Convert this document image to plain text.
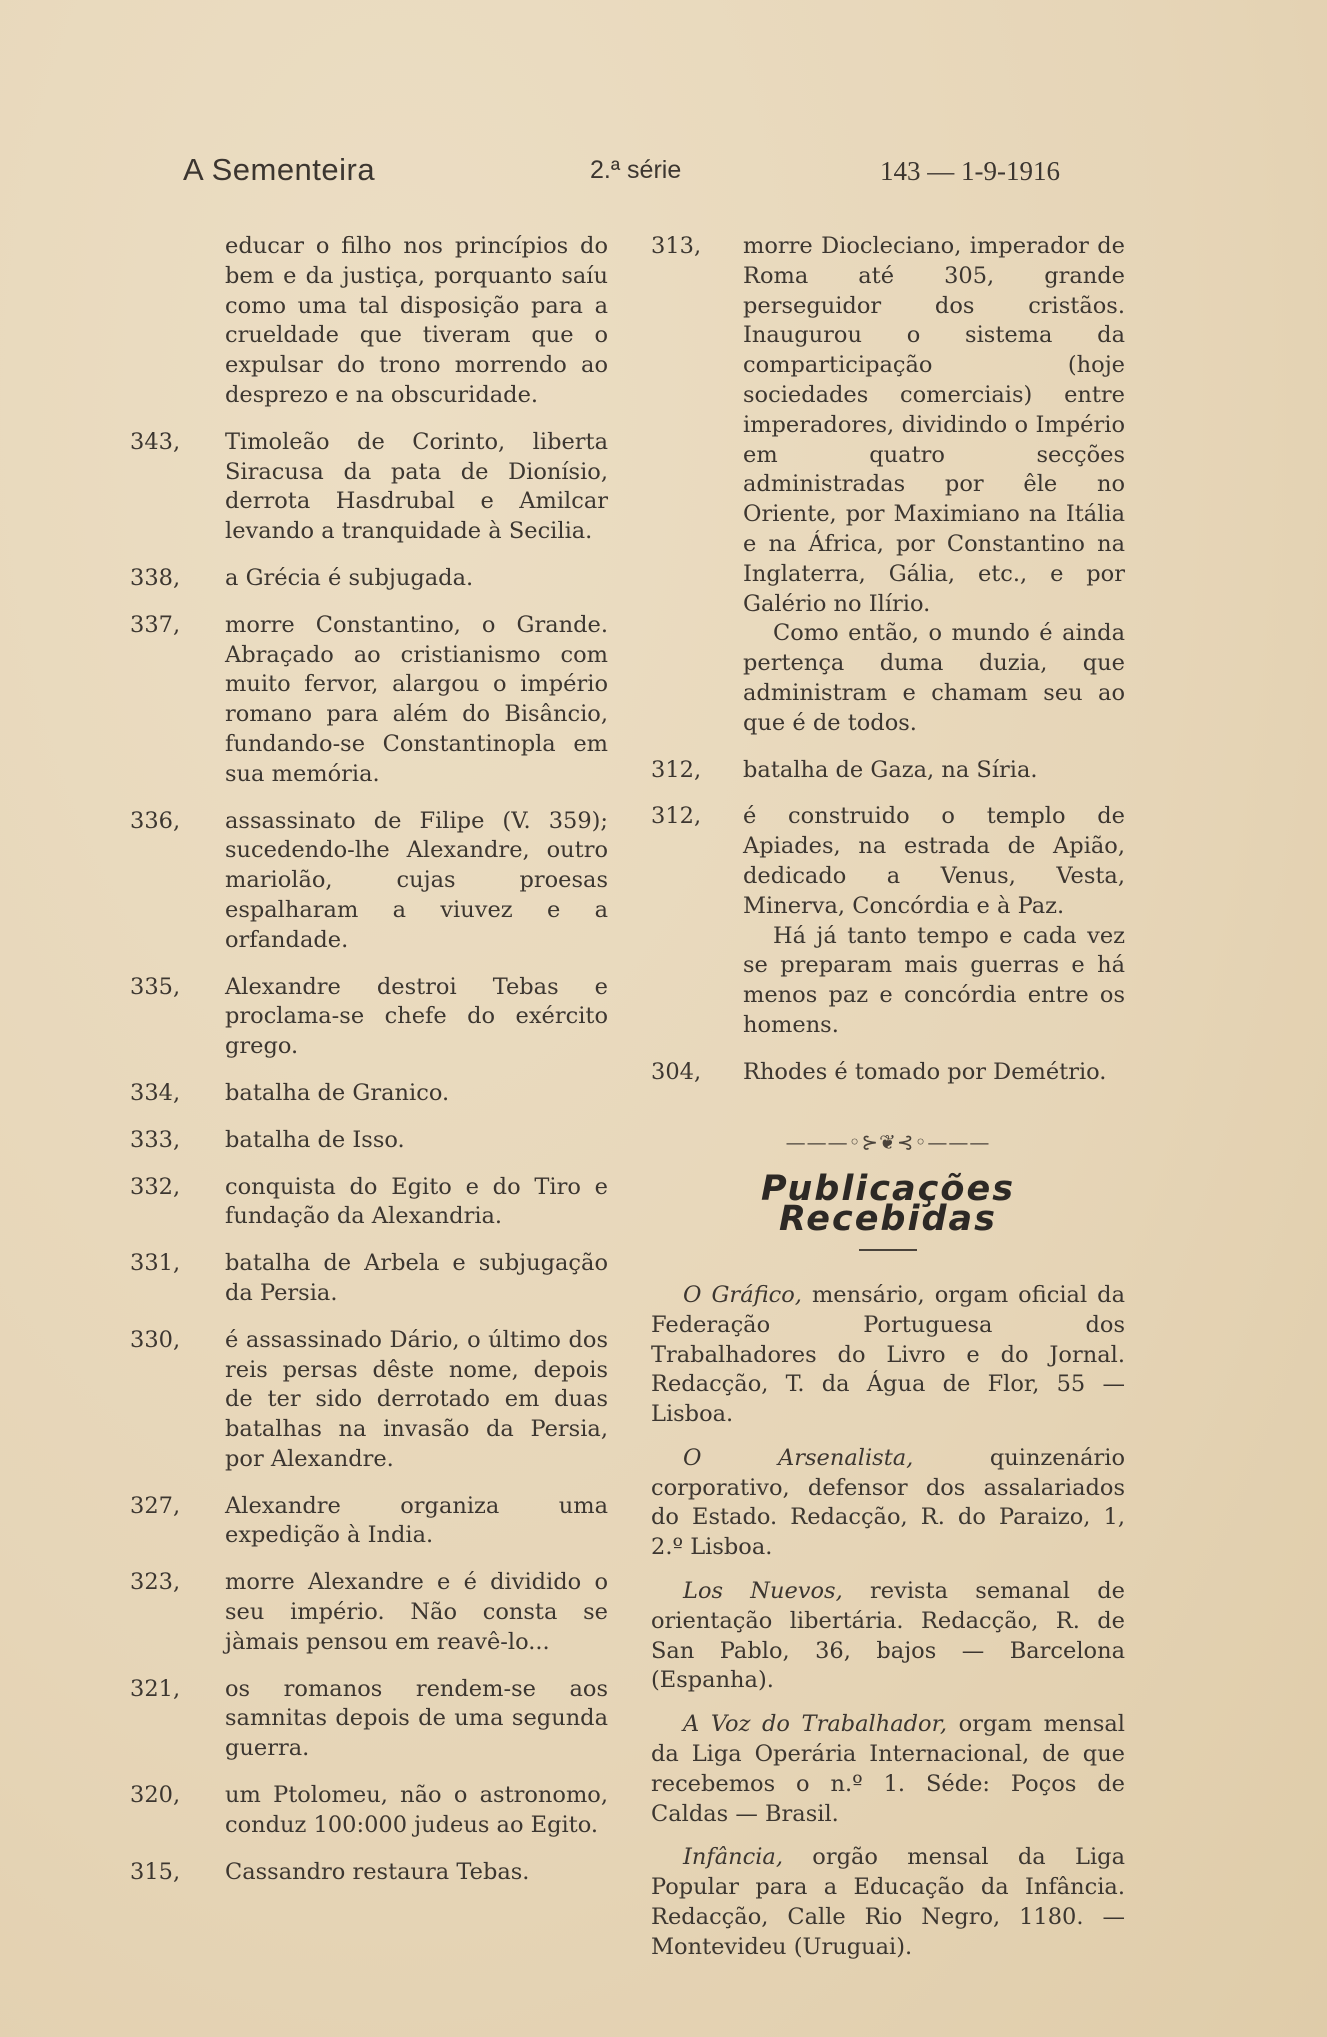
A Sementeira	2.ª série	143 — 1-9-1916
educar o filho nos princípios do bem e da justiça, porquanto saíu como uma tal disposição para a crueldade que tiveram que o expulsar do trono morrendo ao desprezo e na obscuridade.
343, Timoleão de Corinto, liberta Siracusa da pata de Dionísio, derrota Hasdrubal e Amilcar levando a tranquidade à Secilia.

338, a Grécia é subjugada.

337, morre Constantino, o Grande. Abraçado ao cristianismo com muito fervor, alargou o império romano para além do Bisâncio, fundando-se Constantinopla em sua memória.

336, assassinato de Filipe (V. 359); sucedendo-lhe Alexandre, outro mariolão, cujas proesas espalharam a viuvez e a orfandade.

335, Alexandre destroi Tebas e proclama-se chefe do exército grego.

334, batalha de Granico.

333, batalha de Isso.

332, conquista do Egito e do Tiro e fundação da Alexandria.

331, batalha de Arbela e subjugação da Persia.

330, é assassinado Dário, o último dos reis persas dêste nome, depois de ter sido derrotado em duas batalhas na invasão da Persia, por Alexandre.

327, Alexandre organiza uma expedição à India.

323, morre Alexandre e é dividido o seu império. Não consta se jàmais pensou em reavê-lo...

321, os romanos rendem-se aos samnitas depois de uma segunda guerra.

320, um Ptolomeu, não o astronomo, conduz 100:000 judeus ao Egito.

315, Cassandro restaura Tebas.

313, morre Diocleciano, imperador de Roma até 305, grande perseguidor dos cristãos. Inaugurou o sistema da comparticipação (hoje sociedades comerciais) entre imperadores, dividindo o Império em quatro secções administradas por êle no Oriente, por Maximiano na Itália e na África, por Constantino na Inglaterra, Gália, etc., e por Galério no Ilírio.

Como então, o mundo é ainda pertença duma duzia, que administram e chamam seu ao que é de todos.

312, batalha de Gaza, na Síria.

312, é construido o templo de Apiades, na estrada de Apião, dedicado a Venus, Vesta, Minerva, Concórdia e à Paz.

Há já tanto tempo e cada vez se preparam mais guerras e há menos paz e concórdia entre os homens.

304, Rhodes é tomado por Demétrio.

———◦⊱❦⊰◦———
Publicações Recebidas

O Gráfico, mensário, orgam oficial da Federação Portuguesa dos Trabalhadores do Livro e do Jornal. Redacção, T. da Água de Flor, 55 — Lisboa.

O Arsenalista, quinzenário corporativo, defensor dos assalariados do Estado. Redacção, R. do Paraizo, 1, 2.º Lisboa.

Los Nuevos, revista semanal de orientação libertária. Redacção, R. de San Pablo, 36, bajos — Barcelona (Espanha).

A Voz do Trabalhador, orgam mensal da Liga Operária Internacional, de que recebemos o n.º 1. Séde: Poços de Caldas — Brasil.

Infância, orgão mensal da Liga Popular para a Educação da Infância. Redacção, Calle Rio Negro, 1180. — Montevideu (Uruguai).
